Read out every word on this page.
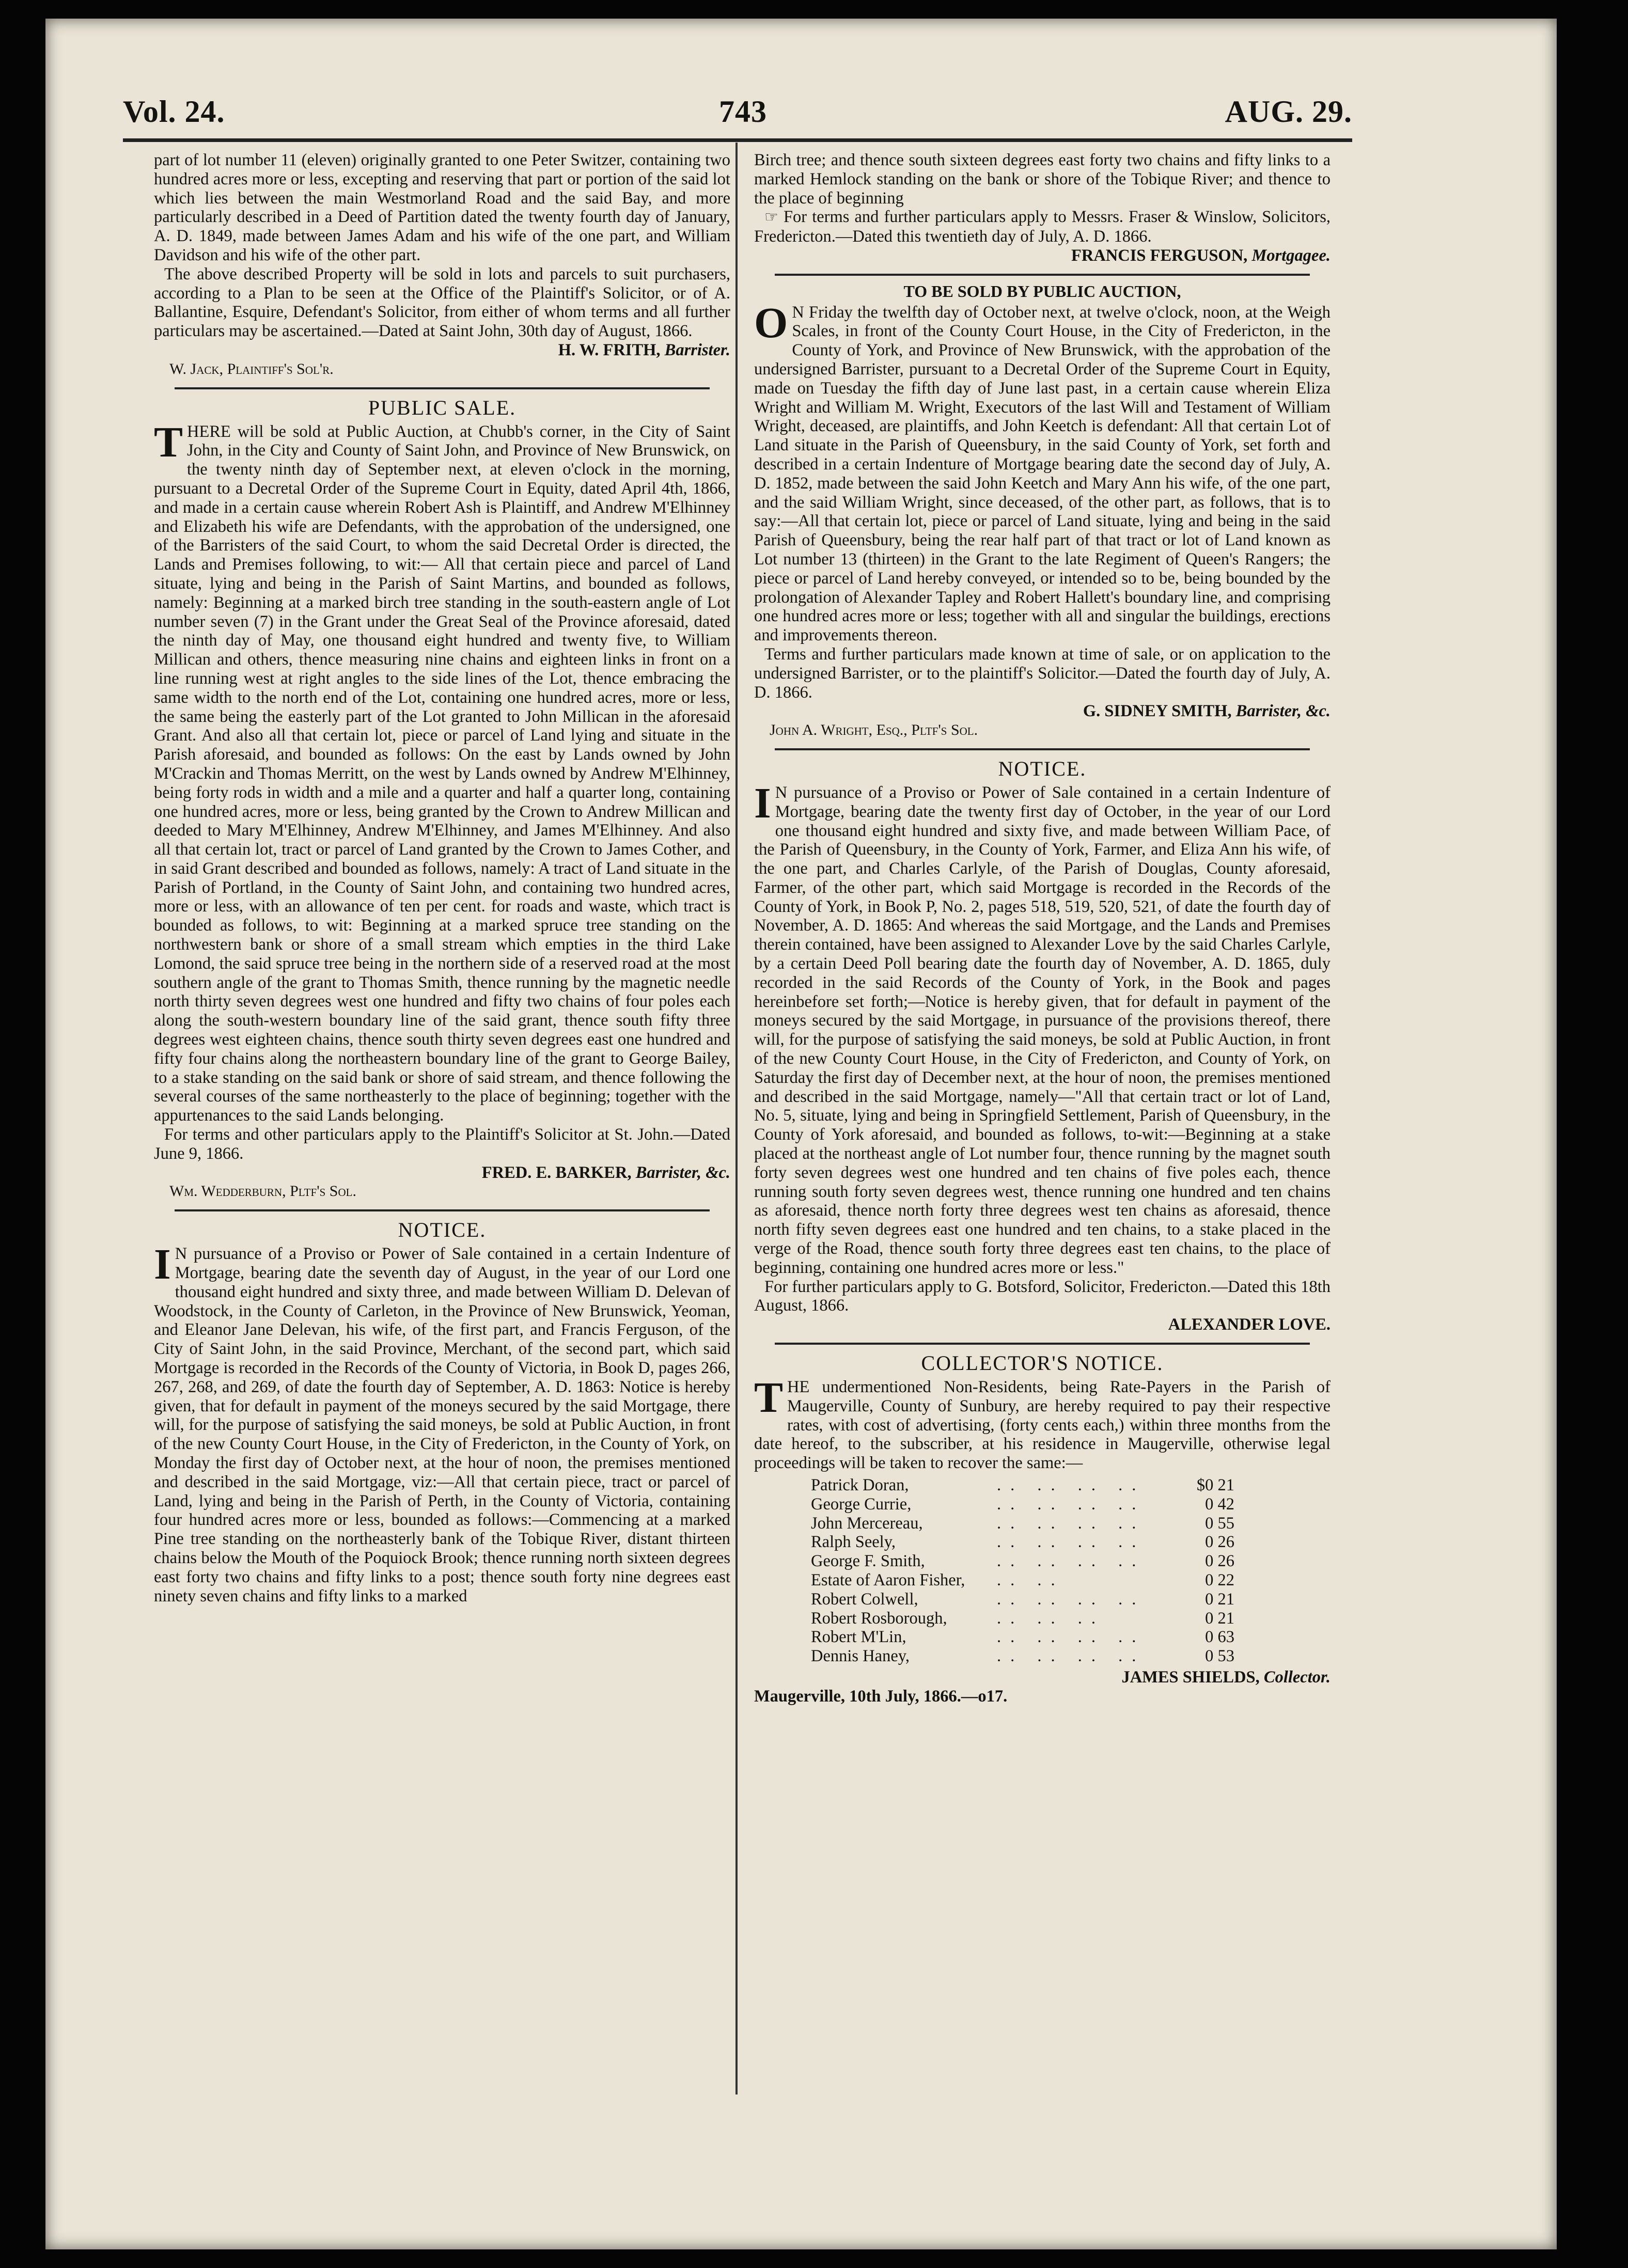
Vol. 24.	743	AUG. 29.

part of lot number 11 (eleven) originally granted to one Peter Switzer, containing two hundred acres more or less, excepting and reserving that part or portion of the said lot which lies between the main Westmorland Road and the said Bay, and more particularly described in a Deed of Partition dated the twenty fourth day of January, A. D. 1849, made between James Adam and his wife of the one part, and William Davidson and his wife of the other part.

The above described Property will be sold in lots and parcels to suit purchasers, according to a Plan to be seen at the Office of the Plaintiff's Solicitor, or of A. Ballantine, Esquire, Defendant's Solicitor, from either of whom terms and all further particulars may be ascertained.—Dated at Saint John, 30th day of August, 1866.

H. W. FRITH, Barrister.

W. Jack, Plaintiff's Sol'r.

PUBLIC SALE.

THERE will be sold at Public Auction, at Chubb's corner, in the City of Saint John, in the City and County of Saint John, and Province of New Brunswick, on the twenty ninth day of September next, at eleven o'clock in the morning, pursuant to a Decretal Order of the Supreme Court in Equity, dated April 4th, 1866, and made in a certain cause wherein Robert Ash is Plaintiff, and Andrew M'Elhinney and Elizabeth his wife are Defendants, with the approbation of the undersigned, one of the Barristers of the said Court, to whom the said Decretal Order is directed, the Lands and Premises following, to wit:— All that certain piece and parcel of Land situate, lying and being in the Parish of Saint Martins, and bounded as follows, namely: Beginning at a marked birch tree standing in the south-eastern angle of Lot number seven (7) in the Grant under the Great Seal of the Province aforesaid, dated the ninth day of May, one thousand eight hundred and twenty five, to William Millican and others, thence measuring nine chains and eighteen links in front on a line running west at right angles to the side lines of the Lot, thence embracing the same width to the north end of the Lot, containing one hundred acres, more or less, the same being the easterly part of the Lot granted to John Millican in the aforesaid Grant. And also all that certain lot, piece or parcel of Land lying and situate in the Parish aforesaid, and bounded as follows: On the east by Lands owned by John M'Crackin and Thomas Merritt, on the west by Lands owned by Andrew M'Elhinney, being forty rods in width and a mile and a quarter and half a quarter long, containing one hundred acres, more or less, being granted by the Crown to Andrew Millican and deeded to Mary M'Elhinney, Andrew M'Elhinney, and James M'Elhinney. And also all that certain lot, tract or parcel of Land granted by the Crown to James Cother, and in said Grant described and bounded as follows, namely: A tract of Land situate in the Parish of Portland, in the County of Saint John, and containing two hundred acres, more or less, with an allowance of ten per cent. for roads and waste, which tract is bounded as follows, to wit: Beginning at a marked spruce tree standing on the northwestern bank or shore of a small stream which empties in the third Lake Lomond, the said spruce tree being in the northern side of a reserved road at the most southern angle of the grant to Thomas Smith, thence running by the magnetic needle north thirty seven degrees west one hundred and fifty two chains of four poles each along the south-western boundary line of the said grant, thence south fifty three degrees west eighteen chains, thence south thirty seven degrees east one hundred and fifty four chains along the northeastern boundary line of the grant to George Bailey, to a stake standing on the said bank or shore of said stream, and thence following the several courses of the same northeasterly to the place of beginning; together with the appurtenances to the said Lands belonging.

For terms and other particulars apply to the Plaintiff's Solicitor at St. John.—Dated June 9, 1866.

FRED. E. BARKER, Barrister, &c.

Wm. Wedderburn, Pltf's Sol.

NOTICE.

I N pursuance of a Proviso or Power of Sale contained in a certain Indenture of Mortgage, bearing date the seventh day of August, in the year of our Lord one thousand eight hundred and sixty three, and made between William D. Delevan of Woodstock, in the County of Carleton, in the Province of New Brunswick, Yeoman, and Eleanor Jane Delevan, his wife, of the first part, and Francis Ferguson, of the City of Saint John, in the said Province, Merchant, of the second part, which said Mortgage is recorded in the Records of the County of Victoria, in Book D, pages 266, 267, 268, and 269, of date the fourth day of September, A. D. 1863: Notice is hereby given, that for default in payment of the moneys secured by the said Mortgage, there will, for the purpose of satisfying the said moneys, be sold at Public Auction, in front of the new County Court House, in the City of Fredericton, in the County of York, on Monday the first day of October next, at the hour of noon, the premises mentioned and described in the said Mortgage, viz:—All that certain piece, tract or parcel of Land, lying and being in the Parish of Perth, in the County of Victoria, containing four hundred acres more or less, bounded as follows:—Commencing at a marked Pine tree standing on the northeasterly bank of the Tobique River, distant thirteen chains below the Mouth of the Poquiock Brook; thence running north sixteen degrees east forty two chains and fifty links to a post; thence south forty nine degrees east ninety seven chains and fifty links to a marked

Birch tree; and thence south sixteen degrees east forty two chains and fifty links to a marked Hemlock standing on the bank or shore of the Tobique River; and thence to the place of beginning

☞ For terms and further particulars apply to Messrs. Fraser & Winslow, Solicitors, Fredericton.—Dated this twentieth day of July, A. D. 1866.

FRANCIS FERGUSON, Mortgagee.

TO BE SOLD BY PUBLIC AUCTION,

O N Friday the twelfth day of October next, at twelve o'clock, noon, at the Weigh Scales, in front of the County Court House, in the City of Fredericton, in the County of York, and Province of New Brunswick, with the approbation of the undersigned Barrister, pursuant to a Decretal Order of the Supreme Court in Equity, made on Tuesday the fifth day of June last past, in a certain cause wherein Eliza Wright and William M. Wright, Executors of the last Will and Testament of William Wright, deceased, are plaintiffs, and John Keetch is defendant: All that certain Lot of Land situate in the Parish of Queensbury, in the said County of York, set forth and described in a certain Indenture of Mortgage bearing date the second day of July, A. D. 1852, made between the said John Keetch and Mary Ann his wife, of the one part, and the said William Wright, since deceased, of the other part, as follows, that is to say:—All that certain lot, piece or parcel of Land situate, lying and being in the said Parish of Queensbury, being the rear half part of that tract or lot of Land known as Lot number 13 (thirteen) in the Grant to the late Regiment of Queen's Rangers; the piece or parcel of Land hereby conveyed, or intended so to be, being bounded by the prolongation of Alexander Tapley and Robert Hallett's boundary line, and comprising one hundred acres more or less; together with all and singular the buildings, erections and improvements thereon.

Terms and further particulars made known at time of sale, or on application to the undersigned Barrister, or to the plaintiff's Solicitor.—Dated the fourth day of July, A. D. 1866.

G. SIDNEY SMITH, Barrister, &c.

John A. Wright, Esq., Pltf's Sol.

NOTICE.

I N pursuance of a Proviso or Power of Sale contained in a certain Indenture of Mortgage, bearing date the twenty first day of October, in the year of our Lord one thousand eight hundred and sixty five, and made between William Pace, of the Parish of Queensbury, in the County of York, Farmer, and Eliza Ann his wife, of the one part, and Charles Carlyle, of the Parish of Douglas, County aforesaid, Farmer, of the other part, which said Mortgage is recorded in the Records of the County of York, in Book P, No. 2, pages 518, 519, 520, 521, of date the fourth day of November, A. D. 1865: And whereas the said Mortgage, and the Lands and Premises therein contained, have been assigned to Alexander Love by the said Charles Carlyle, by a certain Deed Poll bearing date the fourth day of November, A. D. 1865, duly recorded in the said Records of the County of York, in the Book and pages hereinbefore set forth;—Notice is hereby given, that for default in payment of the moneys secured by the said Mortgage, in pursuance of the provisions thereof, there will, for the purpose of satisfying the said moneys, be sold at Public Auction, in front of the new County Court House, in the City of Fredericton, and County of York, on Saturday the first day of December next, at the hour of noon, the premises mentioned and described in the said Mortgage, namely—"All that certain tract or lot of Land, No. 5, situate, lying and being in Springfield Settlement, Parish of Queensbury, in the County of York aforesaid, and bounded as follows, to-wit:—Beginning at a stake placed at the northeast angle of Lot number four, thence running by the magnet south forty seven degrees west one hundred and ten chains of five poles each, thence running south forty seven degrees west, thence running one hundred and ten chains as aforesaid, thence north forty three degrees west ten chains as aforesaid, thence north fifty seven degrees east one hundred and ten chains, to a stake placed in the verge of the Road, thence south forty three degrees east ten chains, to the place of beginning, containing one hundred acres more or less."

For further particulars apply to G. Botsford, Solicitor, Fredericton.—Dated this 18th August, 1866.

ALEXANDER LOVE.

COLLECTOR'S NOTICE.

THE undermentioned Non-Residents, being Rate-Payers in the Parish of Maugerville, County of Sunbury, are hereby required to pay their respective rates, with cost of advertising, (forty cents each,) within three months from the date hereof, to the subscriber, at his residence in Maugerville, otherwise legal proceedings will be taken to recover the same:—

Patrick Doran,	.. .. .. ..	$0 21
George Currie,	.. .. .. ..	0 42
John Mercereau,	.. .. .. ..	0 55
Ralph Seely,	.. .. .. ..	0 26
George F. Smith,	.. .. .. ..	0 26
Estate of Aaron Fisher,	.. ..	0 22
Robert Colwell,	.. .. .. ..	0 21
Robert Rosborough,	.. .. ..	0 21
Robert M'Lin,	.. .. .. ..	0 63
Dennis Haney,	.. .. .. ..	0 53

JAMES SHIELDS, Collector.

Maugerville, 10th July, 1866.—o17.
